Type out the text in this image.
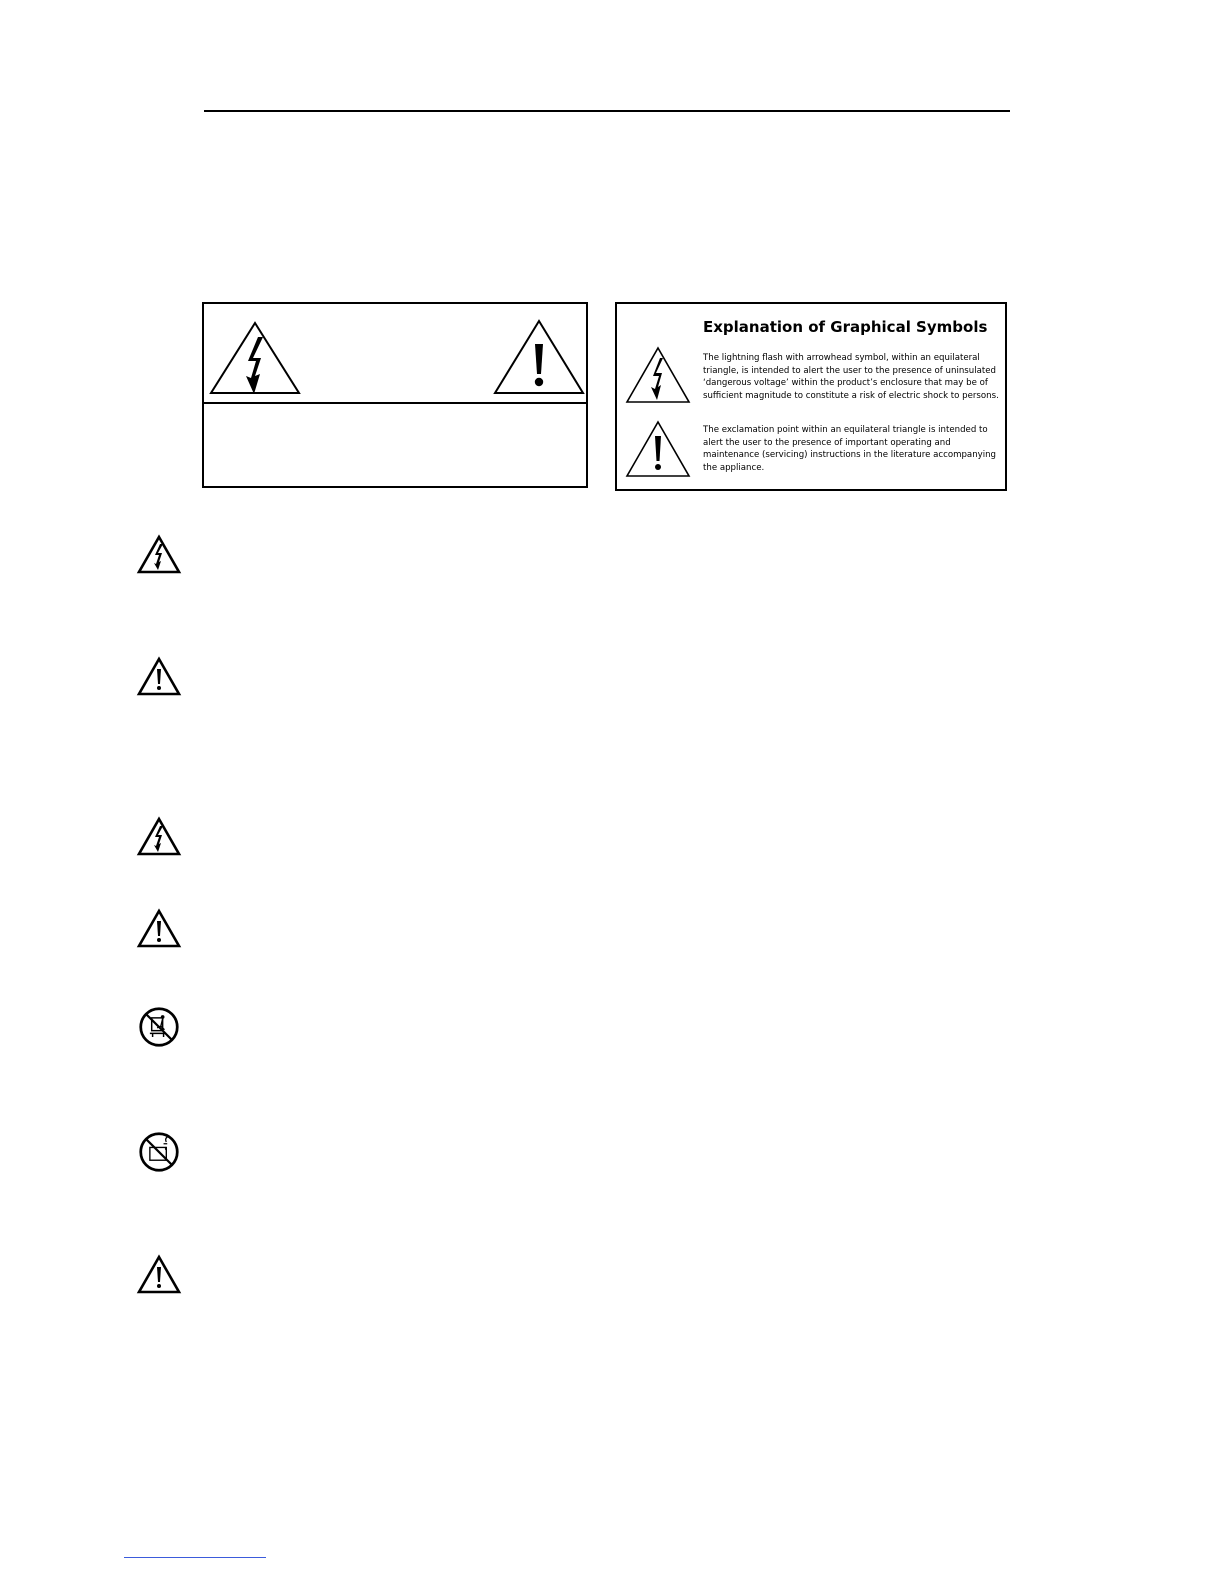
Explanation of Graphical Symbols
The lightning flash with arrowhead symbol, within an equilateral triangle, is intended to alert the user to the presence of uninsulated ‘dangerous voltage’ within the product’s enclosure that may be of sufficient magnitude to constitute a risk of electric shock to persons.
The exclamation point within an equilateral triangle is intended to alert the user to the presence of important operating and maintenance (servicing) instructions in the literature accompanying the appliance.
